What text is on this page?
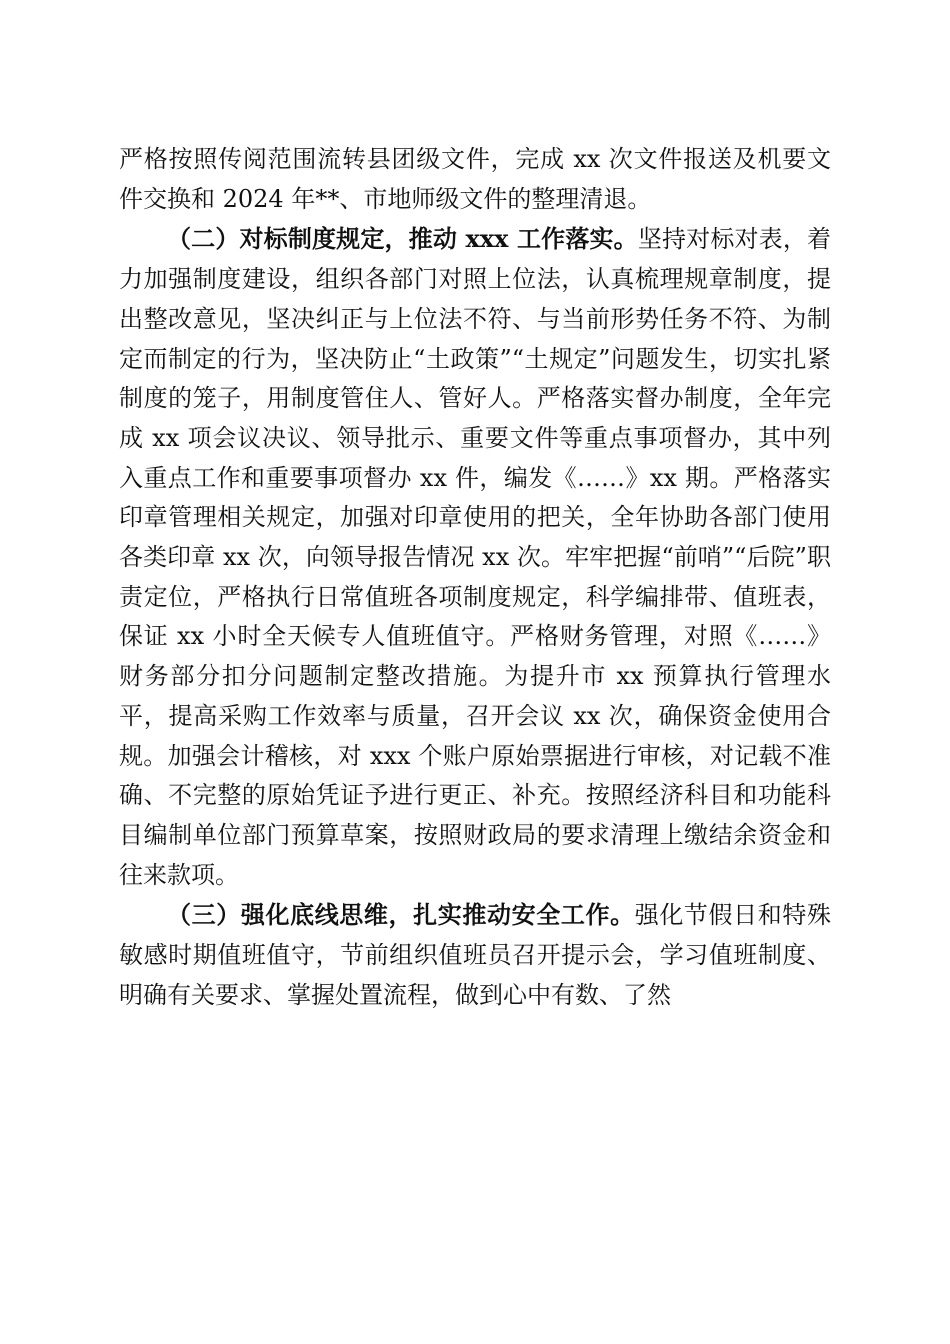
严格按照传阅范围流转县团级文件，完成 xx 次文件报送及机要文件交换和 2024 年**、市地师级文件的整理清退。

（二）对标制度规定，推动 xxx 工作落实。坚持对标对表，着力加强制度建设，组织各部门对照上位法，认真梳理规章制度，提出整改意见，坚决纠正与上位法不符、与当前形势任务不符、为制定而制定的行为，坚决防止“土政策”“土规定”问题发生，切实扎紧制度的笼子，用制度管住人、管好人。严格落实督办制度，全年完成 xx 项会议决议、领导批示、重要文件等重点事项督办，其中列入重点工作和重要事项督办 xx 件，编发《……》xx 期。严格落实印章管理相关规定，加强对印章使用的把关，全年协助各部门使用各类印章 xx 次，向领导报告情况 xx 次。牢牢把握“前哨”“后院”职责定位，严格执行日常值班各项制度规定，科学编排带、值班表，保证 xx 小时全天候专人值班值守。严格财务管理，对照《……》财务部分扣分问题制定整改措施。为提升市 xx 预算执行管理水平，提高采购工作效率与质量，召开会议 xx 次，确保资金使用合规。加强会计稽核，对 xxx 个账户原始票据进行审核，对记载不准确、不完整的原始凭证予进行更正、补充。按照经济科目和功能科目编制单位部门预算草案，按照财政局的要求清理上缴结余资金和往来款项。

（三）强化底线思维，扎实推动安全工作。强化节假日和特殊敏感时期值班值守，节前组织值班员召开提示会，学习值班制度、明确有关要求、掌握处置流程，做到心中有数、了然
